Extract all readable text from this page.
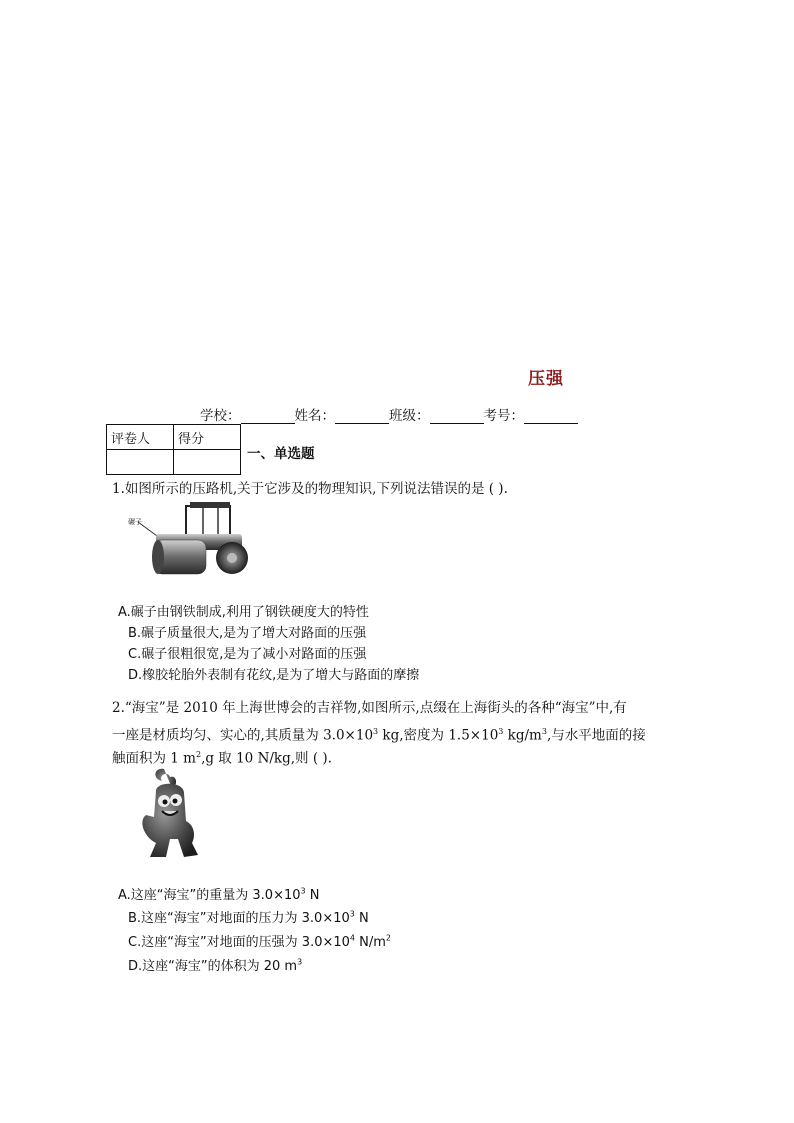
压强
学校：	姓名：	班级：	考号：
评卷人	得分

一、单选题
1.如图所示的压路机,关于它涉及的物理知识,下列说法错误的是 ( ).
碾子
A.碾子由钢铁制成,利用了钢铁硬度大的特性
B.碾子质量很大,是为了增大对路面的压强
C.碾子很粗很宽,是为了减小对路面的压强
D.橡胶轮胎外表制有花纹,是为了增大与路面的摩擦
2.“海宝”是 2010 年上海世博会的吉祥物,如图所示,点缀在上海街头的各种“海宝”中,有
一座是材质均匀、实心的,其质量为 $3.0\times 10^3$ kg,密度为 $1.5\times 10^3$ $kg/m^3$,与水平地面的接
触面积为 1 $m^2,g$ 取 10 N/kg,则 ( ).
A.这座“海宝”的重量为 $3.0\times 10^3$ N
B.这座“海宝”对地面的压力为 $3.0\times 10^3$ N
C.这座“海宝”对地面的压强为 $3.0\times 10^4$ $N/m^2$
D.这座“海宝”的体积为 20 $m^3$
